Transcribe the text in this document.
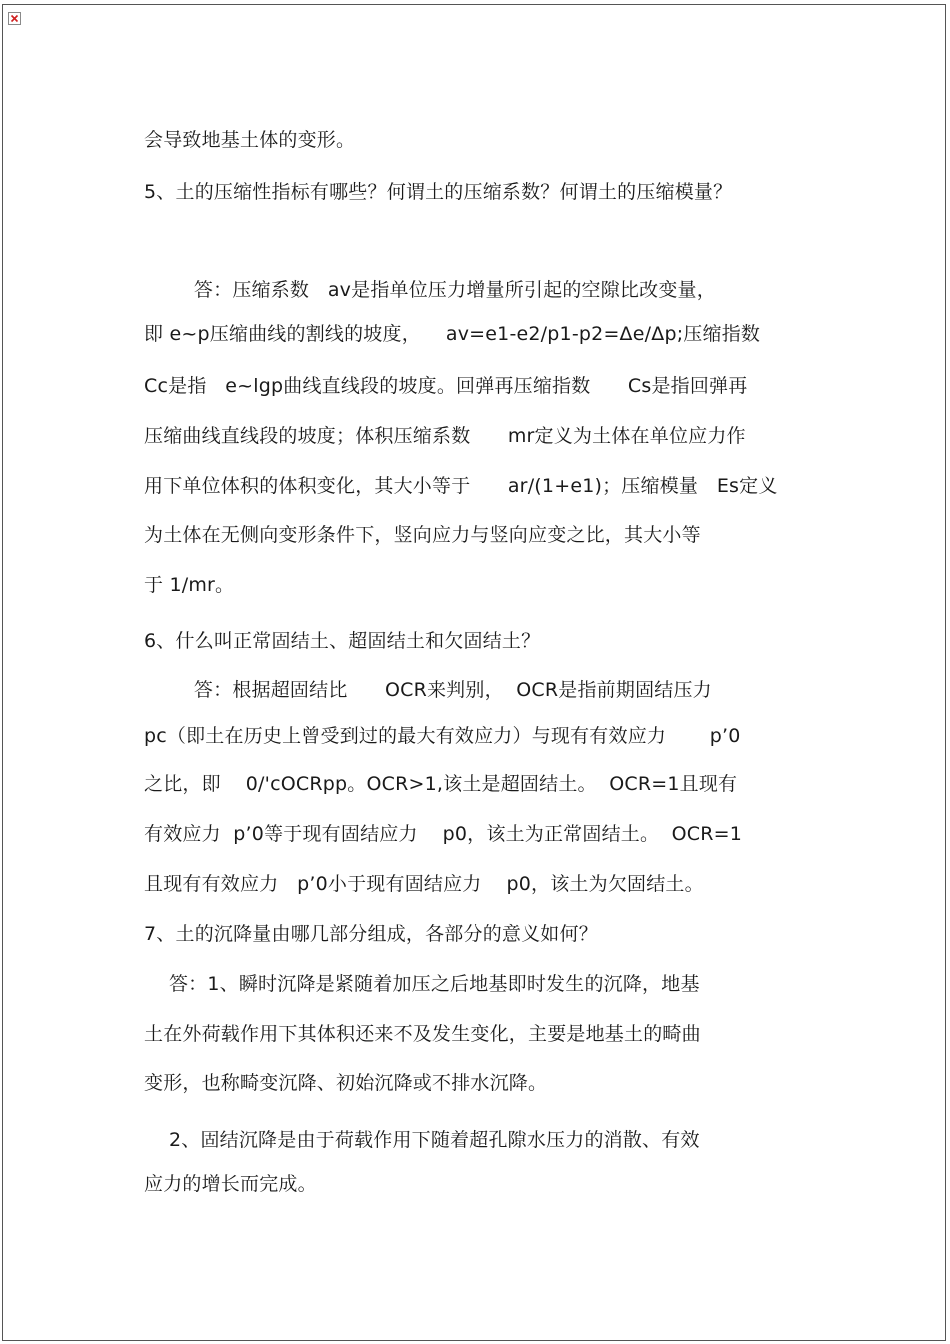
会导致地基土体的变形。
5、土的压缩性指标有哪些？何谓土的压缩系数？何谓土的压缩模量？
答：压缩系数   av是指单位压力增量所引起的空隙比改变量，
即 e~p压缩曲线的割线的坡度，    av=e1-e2/p1-p2=Δe/Δp;压缩指数
Cc是指   e~lgp曲线直线段的坡度。回弹再压缩指数      Cs是指回弹再
压缩曲线直线段的坡度；体积压缩系数      mr定义为土体在单位应力作
用下单位体积的体积变化，其大小等于      ar/(1+e1)；压缩模量   Es定义
为土体在无侧向变形条件下，竖向应力与竖向应变之比，其大小等
于 1/mr。
6、什么叫正常固结土、超固结土和欠固结土？
答：根据超固结比      OCR来判别，  OCR是指前期固结压力
pc（即土在历史上曾受到过的最大有效应力）与现有有效应力       p’0
之比，即    0/'cOCRpp。OCR>1,该土是超固结土。  OCR=1且现有
有效应力  p’0等于现有固结应力    p0，该土为正常固结土。  OCR=1
且现有有效应力   p’0小于现有固结应力    p0，该土为欠固结土。
7、土的沉降量由哪几部分组成，各部分的意义如何？
答：1、瞬时沉降是紧随着加压之后地基即时发生的沉降，地基
土在外荷载作用下其体积还来不及发生变化，主要是地基土的畸曲
变形，也称畸变沉降、初始沉降或不排水沉降。
2、固结沉降是由于荷载作用下随着超孔隙水压力的消散、有效
应力的增长而完成。
